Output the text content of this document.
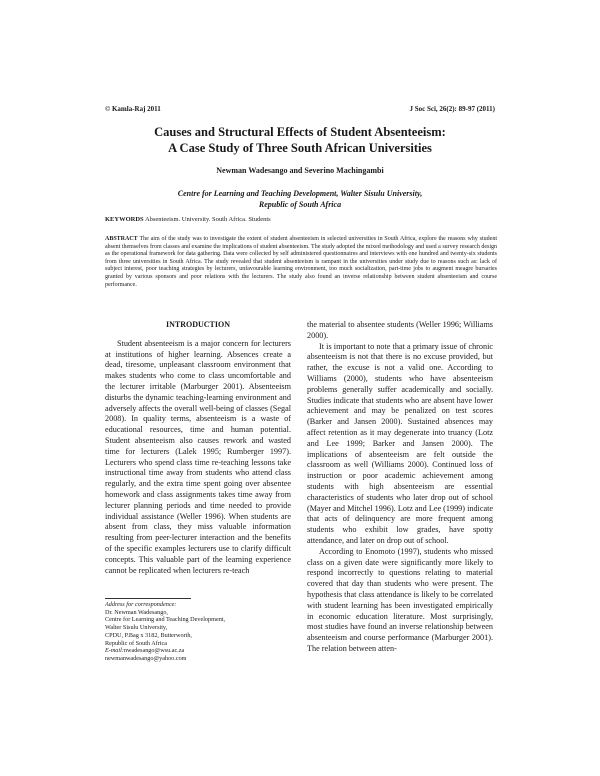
© Kamla-Raj 2011	J Soc Sci, 26(2): 89-97 (2011)
Causes and Structural Effects of Student Absenteeism:
A Case Study of Three South African Universities
Newman Wadesango and Severino Machingambi
Centre for Learning and Teaching Development, Walter Sisulu University,
Republic of South Africa
KEYWORDS Absenteeism. University. South Africa. Students
ABSTRACT The aim of the study was to investigate the extent of student absenteeism in selected universities in South Africa, explore the reasons why student absent themselves from classes and examine the implications of student absenteeism. The study adopted the mixed methodology and used a survey research design as the operational framework for data gathering. Data were collected by self administered questionnaires and interviews with one hundred and twenty-six students from three universities in South Africa. The study revealed that student absenteeism is rampant in the universities under study due to reasons such as: lack of subject interest, poor teaching strategies by lecturers, unfavourable learning environment, too much socialization, part-time jobs to augment meagre bursaries granted by various sponsors and poor relations with the lecturers. The study also found an inverse relationship between student absenteeism and course performance.

INTRODUCTION

Student absenteeism is a major concern for lecturers at institutions of higher learning. Absences create a dead, tiresome, unpleasant classroom environment that makes students who come to class uncomfortable and the lecturer irritable (Marburger 2001). Absenteeism disturbs the dynamic teaching-learning environment and adversely affects the overall well-being of classes (Segal 2008). In quality terms, absenteeism is a waste of educational resources, time and human potential. Student absenteeism also causes rework and wasted time for lecturers (Lalek 1995; Rumberger 1997). Lecturers who spend class time re-teaching lessons take instructional time away from students who attend class regularly, and the extra time spent going over absentee homework and class assignments takes time away from lecturer planning periods and time needed to provide individual assistance (Weller 1996). When students are absent from class, they miss valuable information resulting from peer-lecturer interaction and the benefits of the specific examples lecturers use to clarify difficult concepts. This valuable part of the learning experience cannot be replicated when lecturers re-teach

the material to absentee students (Weller 1996; Williams 2000).

It is important to note that a primary issue of chronic absenteeism is not that there is no excuse provided, but rather, the excuse is not a valid one. According to Williams (2000), students who have absenteeism problems generally suffer academically and socially. Studies indicate that students who are absent have lower achievement and may be penalized on test scores (Barker and Jansen 2000). Sustained absences may affect retention as it may degenerate into truancy (Lotz and Lee 1999; Barker and Jansen 2000). The implications of absenteeism are felt outside the classroom as well (Williams 2000). Continued loss of instruction or poor academic achievement among students with high absenteeism are essential characteristics of students who later drop out of school (Mayer and Mitchel 1996). Lotz and Lee (1999) indicate that acts of delinquency are more frequent among students who exhibit low grades, have spotty attendance, and later on drop out of school.

According to Enomoto (1997), students who missed class on a given date were significantly more likely to respond incorrectly to questions relating to material covered that day than students who were present. The hypothesis that class attendance is likely to be correlated with student learning has been investigated empirically in economic education literature. Most surprisingly, most studies have found an inverse relationship between absenteeism and course performance (Marburger 2001). The relation between atten-

Address for correspondence:
Dr. Newman Wadesango,
Centre for Learning and Teaching Development,
Walter Sisulu University,
CPDU, P.Bag x 3182, Butterworth,
Republic of South Africa
E-mail:nwadesango@wsu.ac.za
newmanwadesango@yahoo.com
